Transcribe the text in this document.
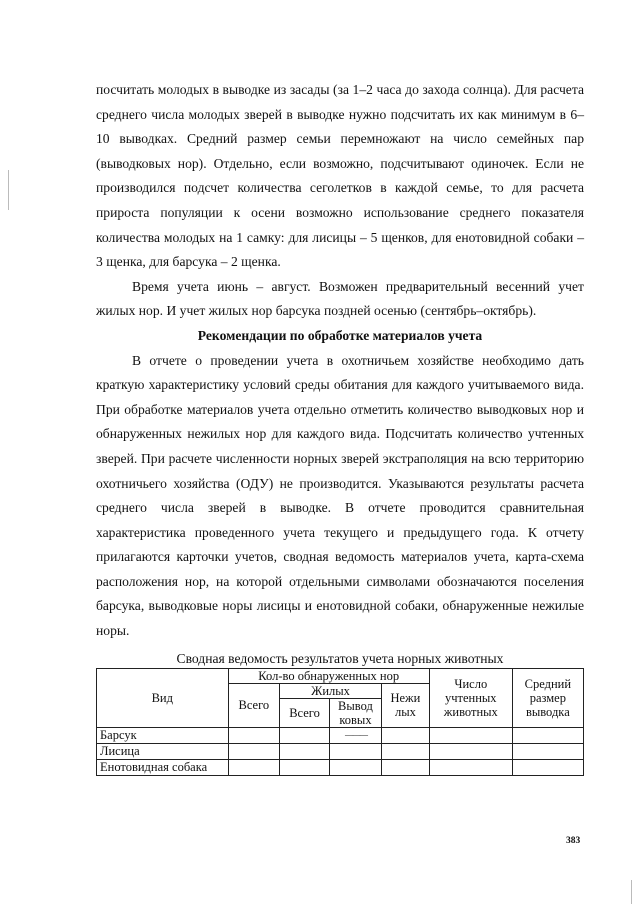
посчитать молодых в выводке из засады (за 1–2 часа до захода солнца). Для расчета среднего числа молодых зверей в выводке нужно подсчитать их как минимум в 6–10 выводках. Средний размер семьи перемножают на число семейных пар (выводковых нор). Отдельно, если возможно, подсчитывают одиночек. Если не производился подсчет количества сеголетков в каждой семье, то для расчета прироста популяции к осени возможно использование среднего показателя количества молодых на 1 самку: для лисицы – 5 щенков, для енотовидной собаки – 3 щенка, для барсука – 2 щенка.

Время учета июнь – август. Возможен предварительный весенний учет жилых нор. И учет жилых нор барсука поздней осенью (сентябрь–октябрь).

Рекомендации по обработке материалов учета

В отчете о проведении учета в охотничьем хозяйстве необходимо дать краткую характеристику условий среды обитания для каждого учитываемого вида. При обработке материалов учета отдельно отметить количество выводковых нор и обнаруженных нежилых нор для каждого вида. Подсчитать количество учтенных зверей. При расчете численности норных зверей экстраполяция на всю территорию охотничьего хозяйства (ОДУ) не производится. Указываются результаты расчета среднего числа зверей в выводке. В отчете проводится сравнительная характеристика проведенного учета текущего и предыдущего года. К отчету прилагаются карточки учетов, сводная ведомость материалов учета, карта-схема расположения нор, на которой отдельными символами обозначаются поселения барсука, выводковые норы лисицы и енотовидной собаки, обнаруженные нежилые норы.

Сводная ведомость результатов учета норных животных

Вид	Кол-во обнаруженных нор				Число учтенных животных	Средний размер выводка
	Всего	Жилых		Нежи лых		
		Всего	Вывод ковых			
Барсук			———			
Лисица						
Енотовидная собака						
383
